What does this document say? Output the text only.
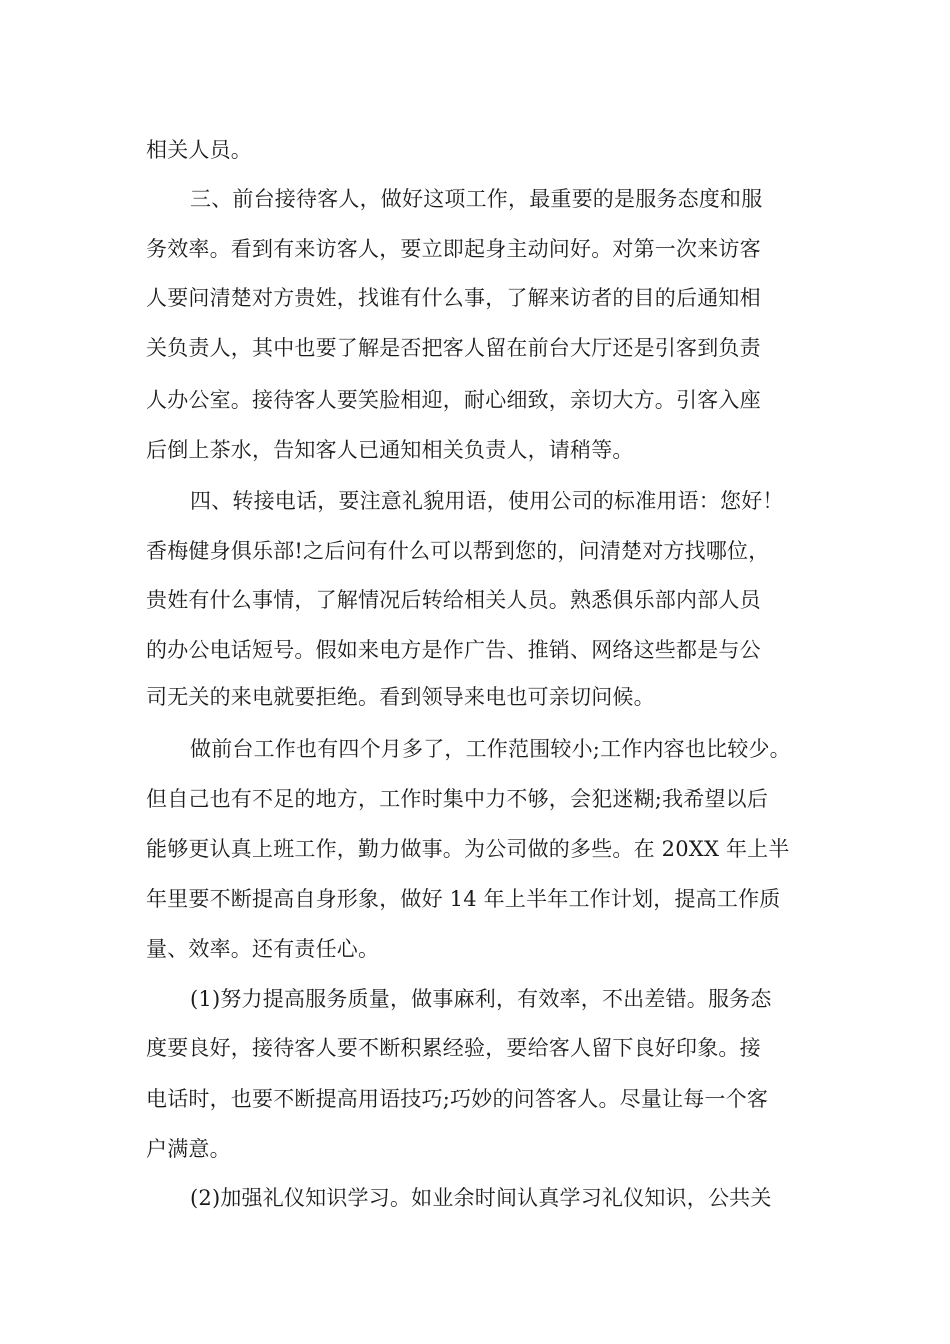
相关人员。
三、前台接待客人，做好这项工作，最重要的是服务态度和服
务效率。看到有来访客人，要立即起身主动问好。对第一次来访客
人要问清楚对方贵姓，找谁有什么事，了解来访者的目的后通知相
关负责人，其中也要了解是否把客人留在前台大厅还是引客到负责
人办公室。接待客人要笑脸相迎，耐心细致，亲切大方。引客入座
后倒上茶水，告知客人已通知相关负责人，请稍等。
四、转接电话，要注意礼貌用语，使用公司的标准用语：您好！
香梅健身俱乐部!之后问有什么可以帮到您的，问清楚对方找哪位，
贵姓有什么事情，了解情况后转给相关人员。熟悉俱乐部内部人员
的办公电话短号。假如来电方是作广告、推销、网络这些都是与公
司无关的来电就要拒绝。看到领导来电也可亲切问候。
做前台工作也有四个月多了，工作范围较小;工作内容也比较少。
但自己也有不足的地方，工作时集中力不够，会犯迷糊;我希望以后
能够更认真上班工作，勤力做事。为公司做的多些。在 20XX 年上半
年里要不断提高自身形象，做好 14 年上半年工作计划，提高工作质
量、效率。还有责任心。
(1)努力提高服务质量，做事麻利，有效率，不出差错。服务态
度要良好，接待客人要不断积累经验，要给客人留下良好印象。接
电话时，也要不断提高用语技巧;巧妙的问答客人。尽量让每一个客
户满意。
(2)加强礼仪知识学习。如业余时间认真学习礼仪知识，公共关
